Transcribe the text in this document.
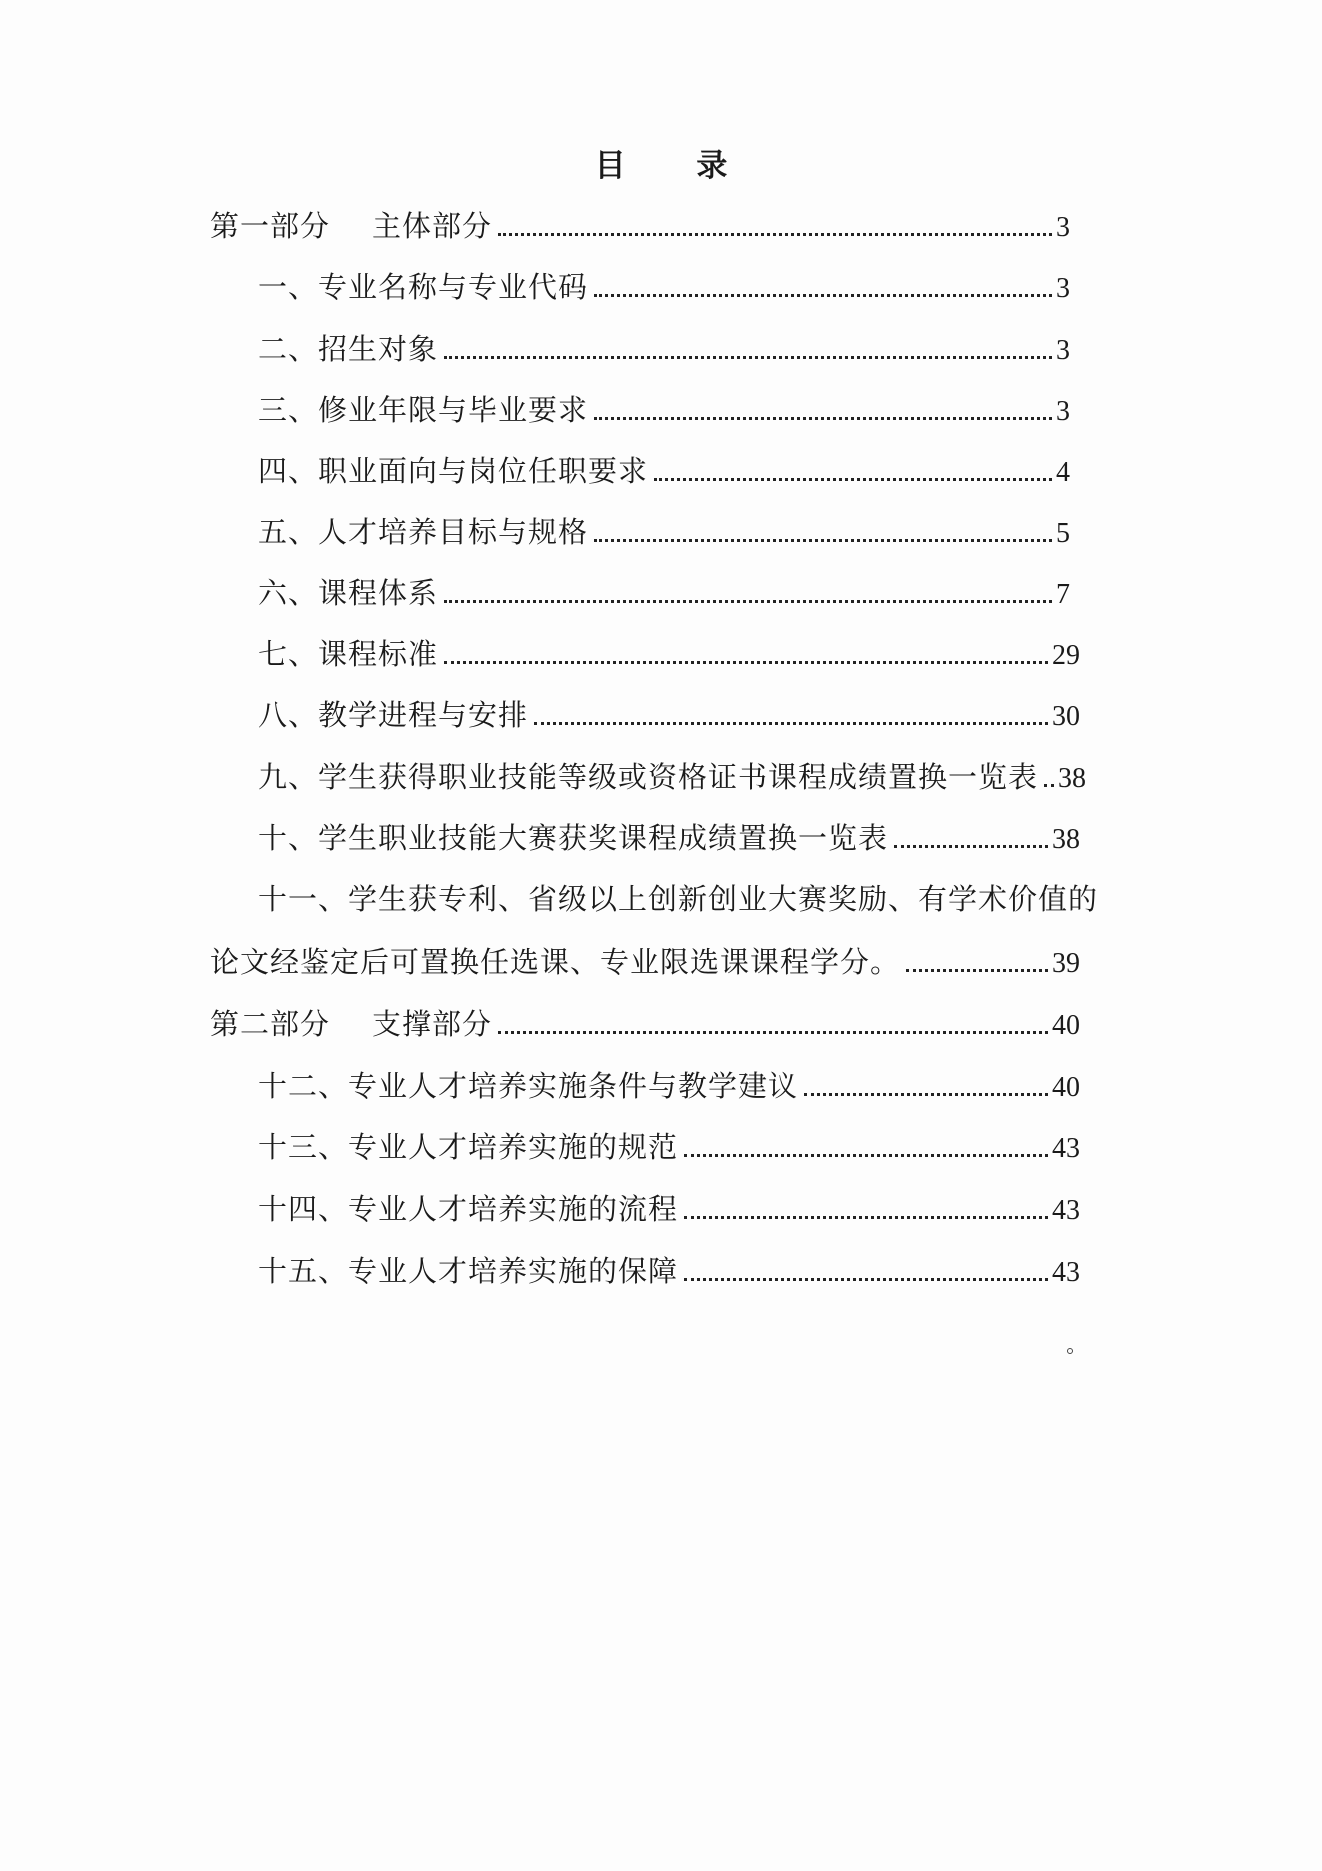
目 录
第一部分 主体部分	3
一、专业名称与专业代码	3
二、招生对象	3
三、修业年限与毕业要求	3
四、职业面向与岗位任职要求	4
五、人才培养目标与规格	5
六、课程体系	7
七、课程标准	29
八、教学进程与安排	30
九、学生获得职业技能等级或资格证书课程成绩置换一览表 38
十、学生职业技能大赛获奖课程成绩置换一览表	38
十一、学生获专利、省级以上创新创业大赛奖励、有学术价值的
论文经鉴定后可置换任选课、专业限选课课程学分。	39
第二部分 支撑部分	40
十二、专业人才培养实施条件与教学建议	40
十三、专业人才培养实施的规范	43
十四、专业人才培养实施的流程	43
十五、专业人才培养实施的保障	43
